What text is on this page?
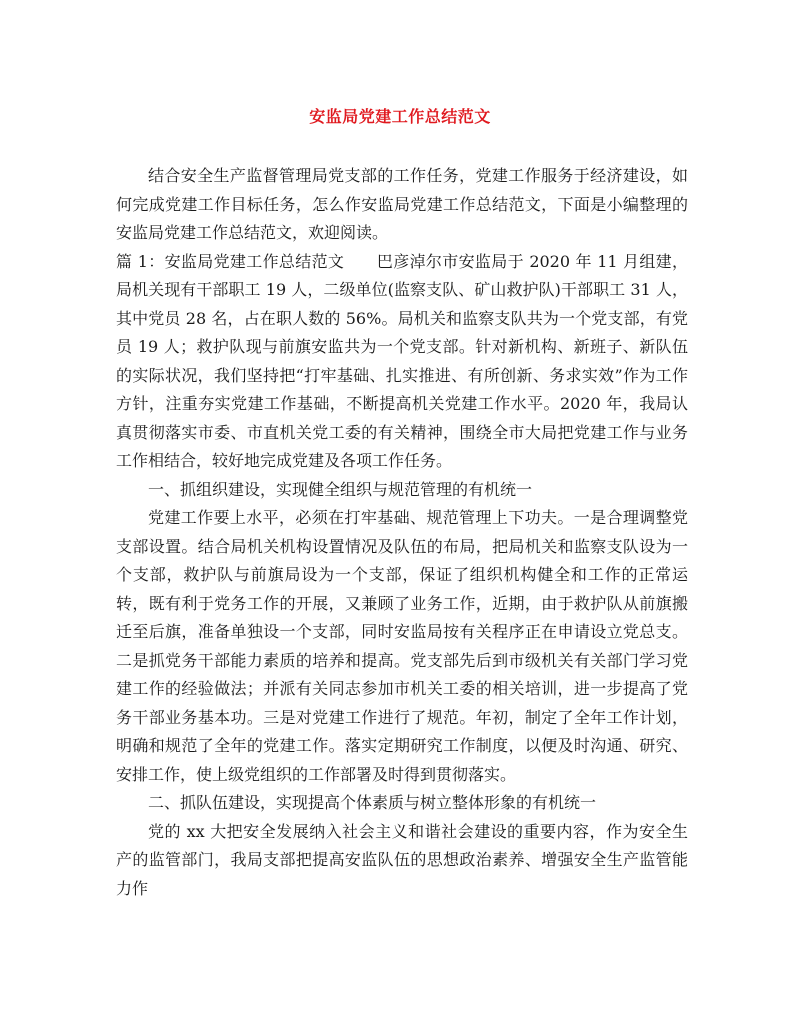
安监局党建工作总结范文

结合安全生产监督管理局党支部的工作任务，党建工作服务于经济建设，如何完成党建工作目标任务，怎么作安监局党建工作总结范文，下面是小编整理的安监局党建工作总结范文，欢迎阅读。

篇 1：安监局党建工作总结范文　　巴彦淖尔市安监局于 2020 年 11 月组建，局机关现有干部职工 19 人，二级单位(监察支队、矿山救护队)干部职工 31 人，其中党员 28 名，占在职人数的 56%。局机关和监察支队共为一个党支部，有党员 19 人；救护队现与前旗安监共为一个党支部。针对新机构、新班子、新队伍的实际状况，我们坚持把“打牢基础、扎实推进、有所创新、务求实效”作为工作方针，注重夯实党建工作基础，不断提高机关党建工作水平。2020 年，我局认真贯彻落实市委、市直机关党工委的有关精神，围绕全市大局把党建工作与业务工作相结合，较好地完成党建及各项工作任务。

一、抓组织建设，实现健全组织与规范管理的有机统一

党建工作要上水平，必须在打牢基础、规范管理上下功夫。一是合理调整党支部设置。结合局机关机构设置情况及队伍的布局，把局机关和监察支队设为一个支部，救护队与前旗局设为一个支部，保证了组织机构健全和工作的正常运转，既有利于党务工作的开展，又兼顾了业务工作，近期，由于救护队从前旗搬迁至后旗，准备单独设一个支部，同时安监局按有关程序正在申请设立党总支。二是抓党务干部能力素质的培养和提高。党支部先后到市级机关有关部门学习党建工作的经验做法；并派有关同志参加市机关工委的相关培训，进一步提高了党务干部业务基本功。三是对党建工作进行了规范。年初，制定了全年工作计划，明确和规范了全年的党建工作。落实定期研究工作制度，以便及时沟通、研究、安排工作，使上级党组织的工作部署及时得到贯彻落实。

二、抓队伍建设，实现提高个体素质与树立整体形象的有机统一

党的 xx 大把安全发展纳入社会主义和谐社会建设的重要内容，作为安全生产的监管部门，我局支部把提高安监队伍的思想政治素养、增强安全生产监管能力作
